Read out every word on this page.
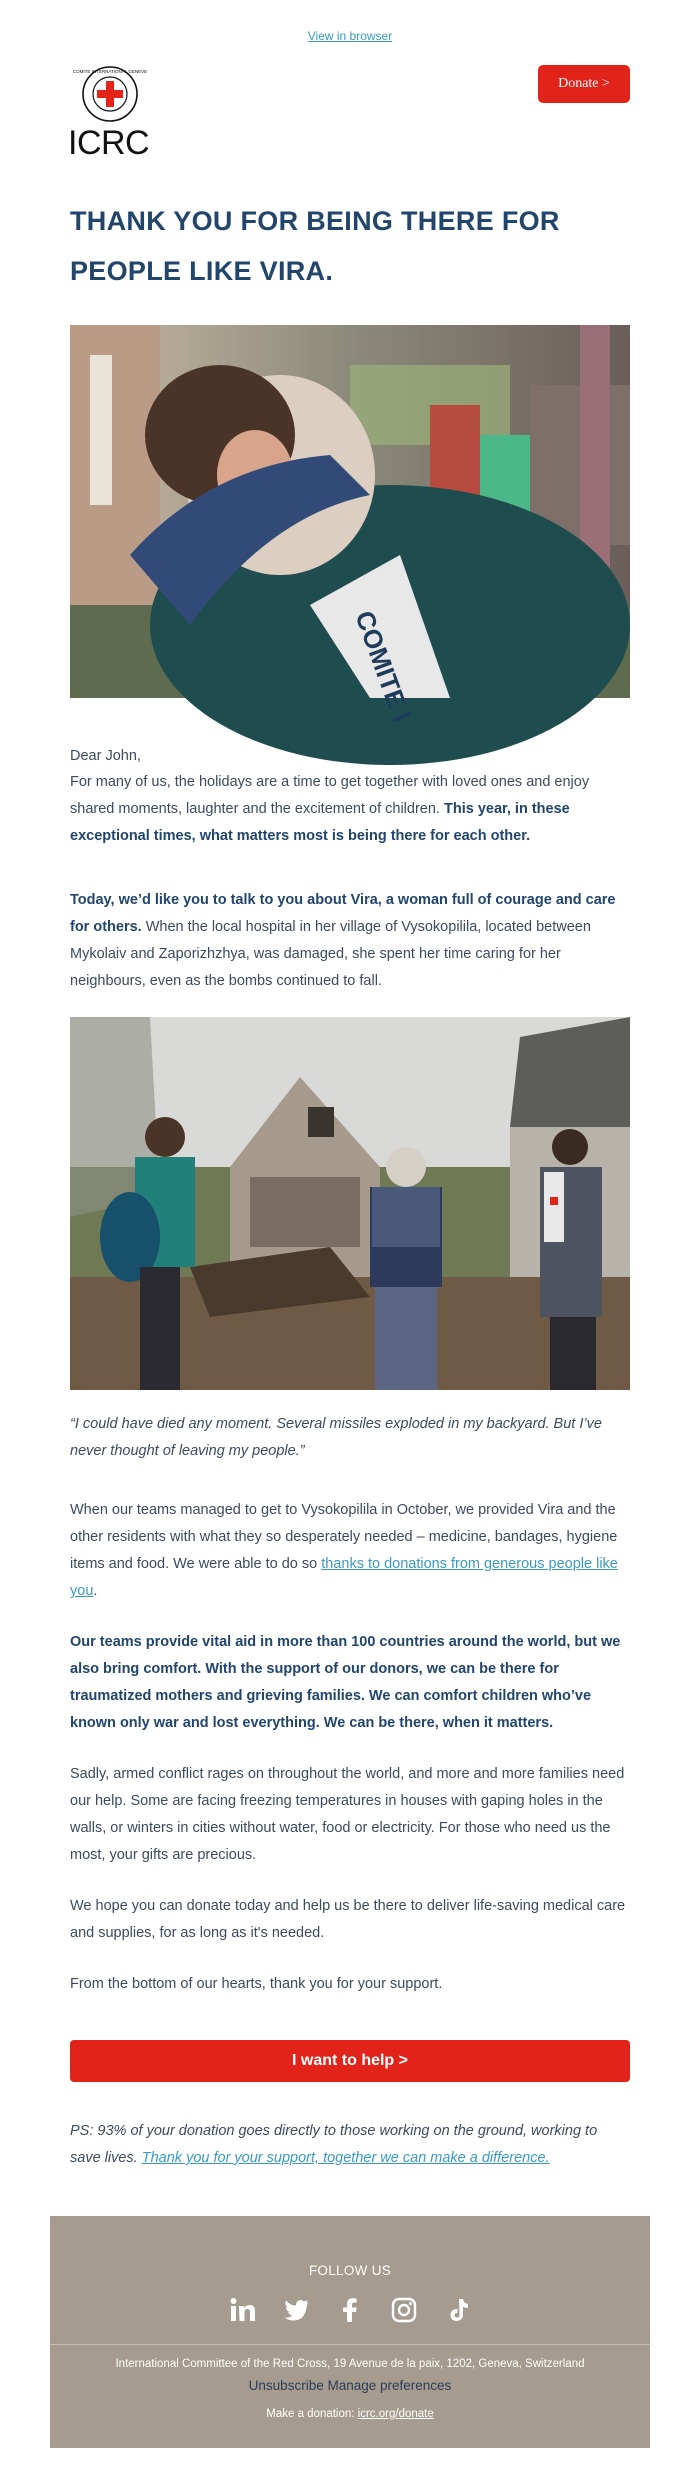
View in browser
COMITE INTERNATIONAL GENEVE
ICRC
Donate >
THANK YOU FOR BEING THERE FOR
PEOPLE LIKE VIRA.
COMITE I
Dear John,
For many of us, the holidays are a time to get together with loved ones and enjoy shared moments, laughter and the excitement of children. This year, in these exceptional times, what matters most is being there for each other.
Today, we’d like you to talk to you about Vira, a woman full of courage and care for others. When the local hospital in her village of Vysokopilila, located between Mykolaiv and Zaporizhzhya, was damaged, she spent her time caring for her neighbours, even as the bombs continued to fall.
“I could have died any moment. Several missiles exploded in my backyard. But I’ve never thought of leaving my people.”
When our teams managed to get to Vysokopilila in October, we provided Vira and the other residents with what they so desperately needed – medicine, bandages, hygiene items and food. We were able to do so thanks to donations from generous people like you.
Our teams provide vital aid in more than 100 countries around the world, but we also bring comfort. With the support of our donors, we can be there for traumatized mothers and grieving families. We can comfort children who’ve known only war and lost everything. We can be there, when it matters.
Sadly, armed conflict rages on throughout the world, and more and more families need our help. Some are facing freezing temperatures in houses with gaping holes in the walls, or winters in cities without water, food or electricity. For those who need us the most, your gifts are precious.
We hope you can donate today and help us be there to deliver life-saving medical care and supplies, for as long as it's needed.
From the bottom of our hearts, thank you for your support.
I want to help >
PS: 93% of your donation goes directly to those working on the ground, working to save lives. Thank you for your support, together we can make a difference.
FOLLOW US
International Committee of the Red Cross, 19 Avenue de la paix, 1202, Geneva, Switzerland
Unsubscribe Manage preferences
Make a donation: icrc.org/donate
